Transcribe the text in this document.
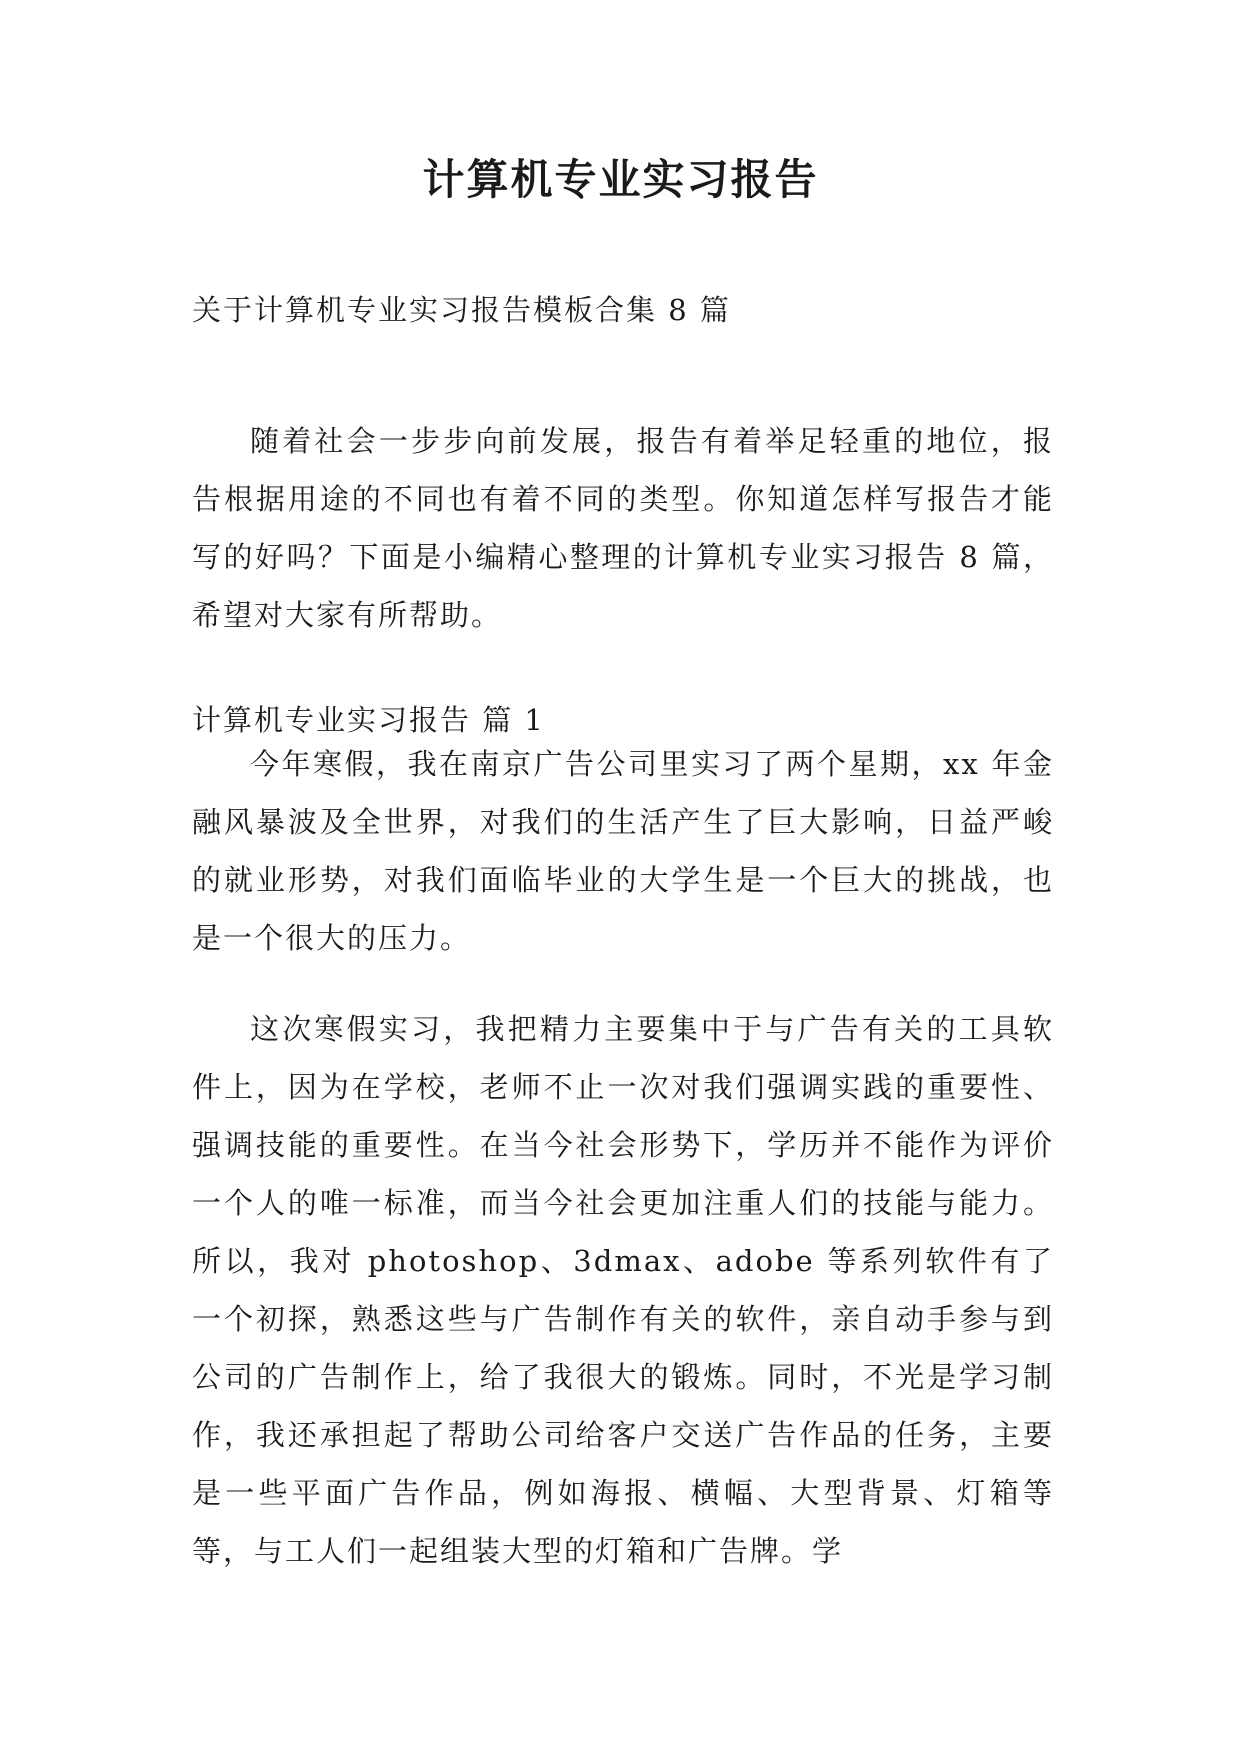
计算机专业实习报告
关于计算机专业实习报告模板合集 8 篇

随着社会一步步向前发展，报告有着举足轻重的地位，报告根据用途的不同也有着不同的类型。你知道怎样写报告才能写的好吗？下面是小编精心整理的计算机专业实习报告 8 篇，希望对大家有所帮助。

计算机专业实习报告 篇 1

今年寒假，我在南京广告公司里实习了两个星期，xx 年金融风暴波及全世界，对我们的生活产生了巨大影响，日益严峻的就业形势，对我们面临毕业的大学生是一个巨大的挑战，也是一个很大的压力。

这次寒假实习，我把精力主要集中于与广告有关的工具软件上，因为在学校，老师不止一次对我们强调实践的重要性、强调技能的重要性。在当今社会形势下，学历并不能作为评价一个人的唯一标准，而当今社会更加注重人们的技能与能力。所以，我对 photoshop、3dmax、adobe 等系列软件有了一个初探，熟悉这些与广告制作有关的软件，亲自动手参与到公司的广告制作上，给了我很大的锻炼。同时，不光是学习制作，我还承担起了帮助公司给客户交送广告作品的任务，主要是一些平面广告作品，例如海报、横幅、大型背景、灯箱等等，与工人们一起组装大型的灯箱和广告牌。学
